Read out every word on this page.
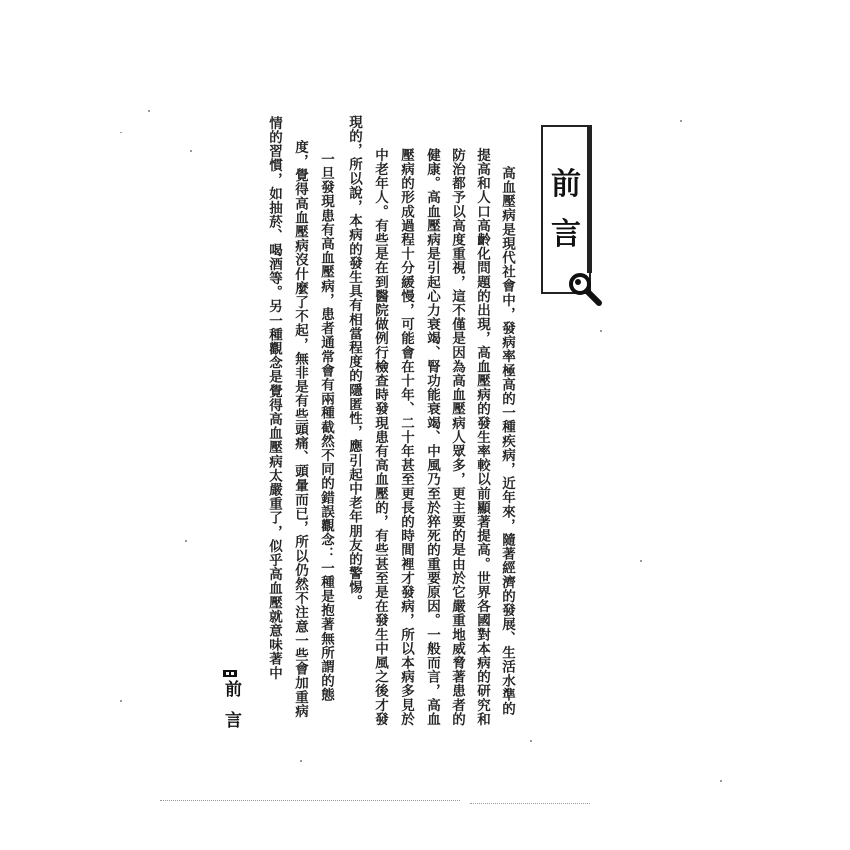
前
言
高血壓病是現代社會中，發病率極高的一種疾病，近年來，隨著經濟的發展、生活水準的
提高和人口高齡化問題的出現，高血壓病的發生率較以前顯著提高。世界各國對本病的研究和
防治都予以高度重視，這不僅是因為高血壓病人眾多，更主要的是由於它嚴重地威脅著患者的
健康。高血壓病是引起心力衰竭、腎功能衰竭、中風乃至於猝死的重要原因。一般而言，高血
壓病的形成過程十分緩慢，可能會在十年、二十年甚至更長的時間裡才發病，所以本病多見於
中老年人。有些是在到醫院做例行檢查時發現患有高血壓的，有些甚至是在發生中風之後才發
現的，所以說，本病的發生具有相當程度的隱匿性，應引起中老年朋友的警惕。
一旦發現患有高血壓病，患者通常會有兩種截然不同的錯誤觀念：一種是抱著無所謂的態
度，覺得高血壓病沒什麼了不起，無非是有些頭痛、頭暈而已，所以仍然不注意一些會加重病
情的習慣，如抽菸、喝酒等。另一種觀念是覺得高血壓病太嚴重了，似乎高血壓就意味著中
前言
